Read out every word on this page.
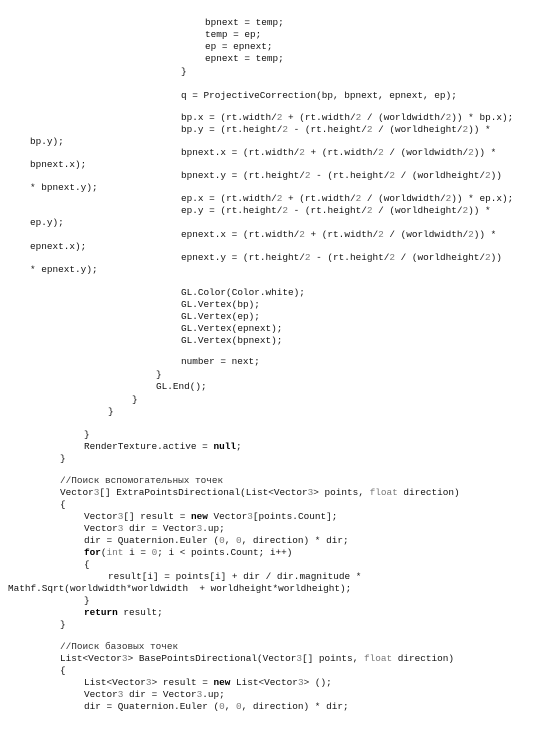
bpnext = temp;
temp = ep;
ep = epnext;
epnext = temp;
}
q = ProjectiveCorrection(bp, bpnext, epnext, ep);
bp.x = (rt.width/2 + (rt.width/2 / (worldwidth/2)) * bp.x);
bp.y = (rt.height/2 - (rt.height/2 / (worldheight/2)) *
bp.y);
bpnext.x = (rt.width/2 + (rt.width/2 / (worldwidth/2)) *
bpnext.x);
bpnext.y = (rt.height/2 - (rt.height/2 / (worldheight/2))
* bpnext.y);
ep.x = (rt.width/2 + (rt.width/2 / (worldwidth/2)) * ep.x);
ep.y = (rt.height/2 - (rt.height/2 / (worldheight/2)) *
ep.y);
epnext.x = (rt.width/2 + (rt.width/2 / (worldwidth/2)) *
epnext.x);
epnext.y = (rt.height/2 - (rt.height/2 / (worldheight/2))
* epnext.y);
GL.Color(Color.white);
GL.Vertex(bp);
GL.Vertex(ep);
GL.Vertex(epnext);
GL.Vertex(bpnext);
number = next;
}
GL.End();
}
}
}
RenderTexture.active = null;
}
//Поиск вспомогательных точек
Vector3[] ExtraPointsDirectional(List<Vector3> points, float direction)
{
Vector3[] result = new Vector3[points.Count];
Vector3 dir = Vector3.up;
dir = Quaternion.Euler (0, 0, direction) * dir;
for(int i = 0; i < points.Count; i++)
{
result[i] = points[i] + dir / dir.magnitude *
Mathf.Sqrt(worldwidth*worldwidth  + worldheight*worldheight);
}
return result;
}
//Поиск базовых точек
List<Vector3> BasePointsDirectional(Vector3[] points, float direction)
{
List<Vector3> result = new List<Vector3> ();
Vector3 dir = Vector3.up;
dir = Quaternion.Euler (0, 0, direction) * dir;
